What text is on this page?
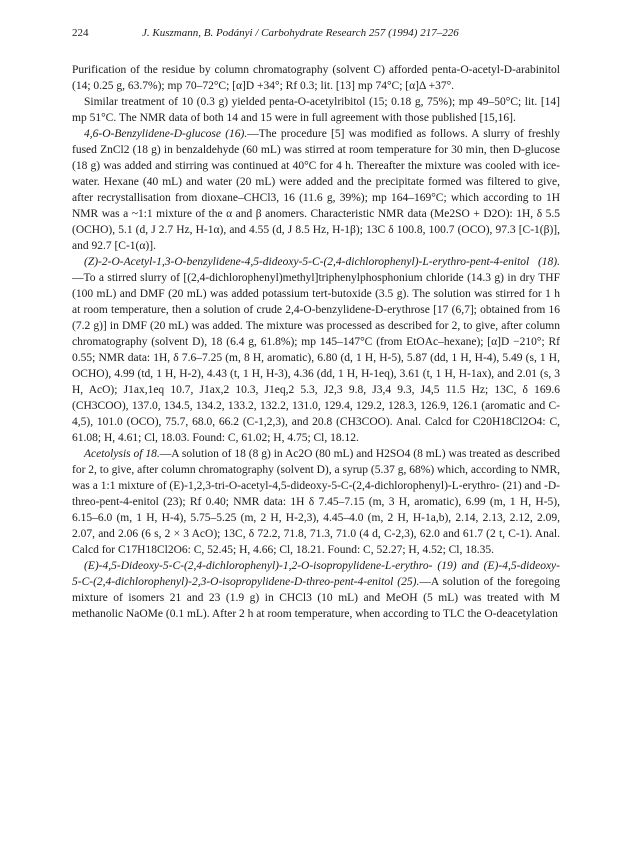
224	J. Kuszmann, B. Podányi / Carbohydrate Research 257 (1994) 217–226

Purification of the residue by column chromatography (solvent C) afforded penta-O-acetyl-D-arabinitol (14; 0.25 g, 63.7%); mp 70–72°C; [α]D +34°; Rf 0.3; lit. [13] mp 74°C; [α]Δ +37°.

Similar treatment of 10 (0.3 g) yielded penta-O-acetylribitol (15; 0.18 g, 75%); mp 49–50°C; lit. [14] mp 51°C. The NMR data of both 14 and 15 were in full agreement with those published [15,16].

4,6-O-Benzylidene-D-glucose (16).—The procedure [5] was modified as follows. A slurry of freshly fused ZnCl2 (18 g) in benzaldehyde (60 mL) was stirred at room temperature for 30 min, then D-glucose (18 g) was added and stirring was continued at 40°C for 4 h. Thereafter the mixture was cooled with ice-water. Hexane (40 mL) and water (20 mL) were added and the precipitate formed was filtered to give, after recrystallisation from dioxane–CHCl3, 16 (11.6 g, 39%); mp 164–169°C; which according to 1H NMR was a ~1:1 mixture of the α and β anomers. Characteristic NMR data (Me2SO + D2O): 1H, δ 5.5 (OCHO), 5.1 (d, J 2.7 Hz, H-1α), and 4.55 (d, J 8.5 Hz, H-1β); 13C δ 100.8, 100.7 (OCO), 97.3 [C-1(β)], and 92.7 [C-1(α)].

(Z)-2-O-Acetyl-1,3-O-benzylidene-4,5-dideoxy-5-C-(2,4-dichlorophenyl)-L-erythro-pent-4-enitol (18).—To a stirred slurry of [(2,4-dichlorophenyl)methyl]triphenylphosphonium chloride (14.3 g) in dry THF (100 mL) and DMF (20 mL) was added potassium tert-butoxide (3.5 g). The solution was stirred for 1 h at room temperature, then a solution of crude 2,4-O-benzylidene-D-erythrose [17 (6,7]; obtained from 16 (7.2 g)] in DMF (20 mL) was added. The mixture was processed as described for 2, to give, after column chromatography (solvent D), 18 (6.4 g, 61.8%); mp 145–147°C (from EtOAc–hexane); [α]D −210°; Rf 0.55; NMR data: 1H, δ 7.6–7.25 (m, 8 H, aromatic), 6.80 (d, 1 H, H-5), 5.87 (dd, 1 H, H-4), 5.49 (s, 1 H, OCHO), 4.99 (td, 1 H, H-2), 4.43 (t, 1 H, H-3), 4.36 (dd, 1 H, H-1eq), 3.61 (t, 1 H, H-1ax), and 2.01 (s, 3 H, AcO); J1ax,1eq 10.7, J1ax,2 10.3, J1eq,2 5.3, J2,3 9.8, J3,4 9.3, J4,5 11.5 Hz; 13C, δ 169.6 (CH3COO), 137.0, 134.5, 134.2, 133.2, 132.2, 131.0, 129.4, 129.2, 128.3, 126.9, 126.1 (aromatic and C-4,5), 101.0 (OCO), 75.7, 68.0, 66.2 (C-1,2,3), and 20.8 (CH3COO). Anal. Calcd for C20H18Cl2O4: C, 61.08; H, 4.61; Cl, 18.03. Found: C, 61.02; H, 4.75; Cl, 18.12.

Acetolysis of 18.—A solution of 18 (8 g) in Ac2O (80 mL) and H2SO4 (8 mL) was treated as described for 2, to give, after column chromatography (solvent D), a syrup (5.37 g, 68%) which, according to NMR, was a 1:1 mixture of (E)-1,2,3-tri-O-acetyl-4,5-dideoxy-5-C-(2,4-dichlorophenyl)-L-erythro- (21) and -D-threo-pent-4-enitol (23); Rf 0.40; NMR data: 1H δ 7.45–7.15 (m, 3 H, aromatic), 6.99 (m, 1 H, H-5), 6.15–6.0 (m, 1 H, H-4), 5.75–5.25 (m, 2 H, H-2,3), 4.45–4.0 (m, 2 H, H-1a,b), 2.14, 2.13, 2.12, 2.09, 2.07, and 2.06 (6 s, 2 × 3 AcO); 13C, δ 72.2, 71.8, 71.3, 71.0 (4 d, C-2,3), 62.0 and 61.7 (2 t, C-1). Anal. Calcd for C17H18Cl2O6: C, 52.45; H, 4.66; Cl, 18.21. Found: C, 52.27; H, 4.52; Cl, 18.35.

(E)-4,5-Dideoxy-5-C-(2,4-dichlorophenyl)-1,2-O-isopropylidene-L-erythro- (19) and (E)-4,5-dideoxy-5-C-(2,4-dichlorophenyl)-2,3-O-isopropylidene-D-threo-pent-4-enitol (25).—A solution of the foregoing mixture of isomers 21 and 23 (1.9 g) in CHCl3 (10 mL) and MeOH (5 mL) was treated with M methanolic NaOMe (0.1 mL). After 2 h at room temperature, when according to TLC the O-deacetylation
